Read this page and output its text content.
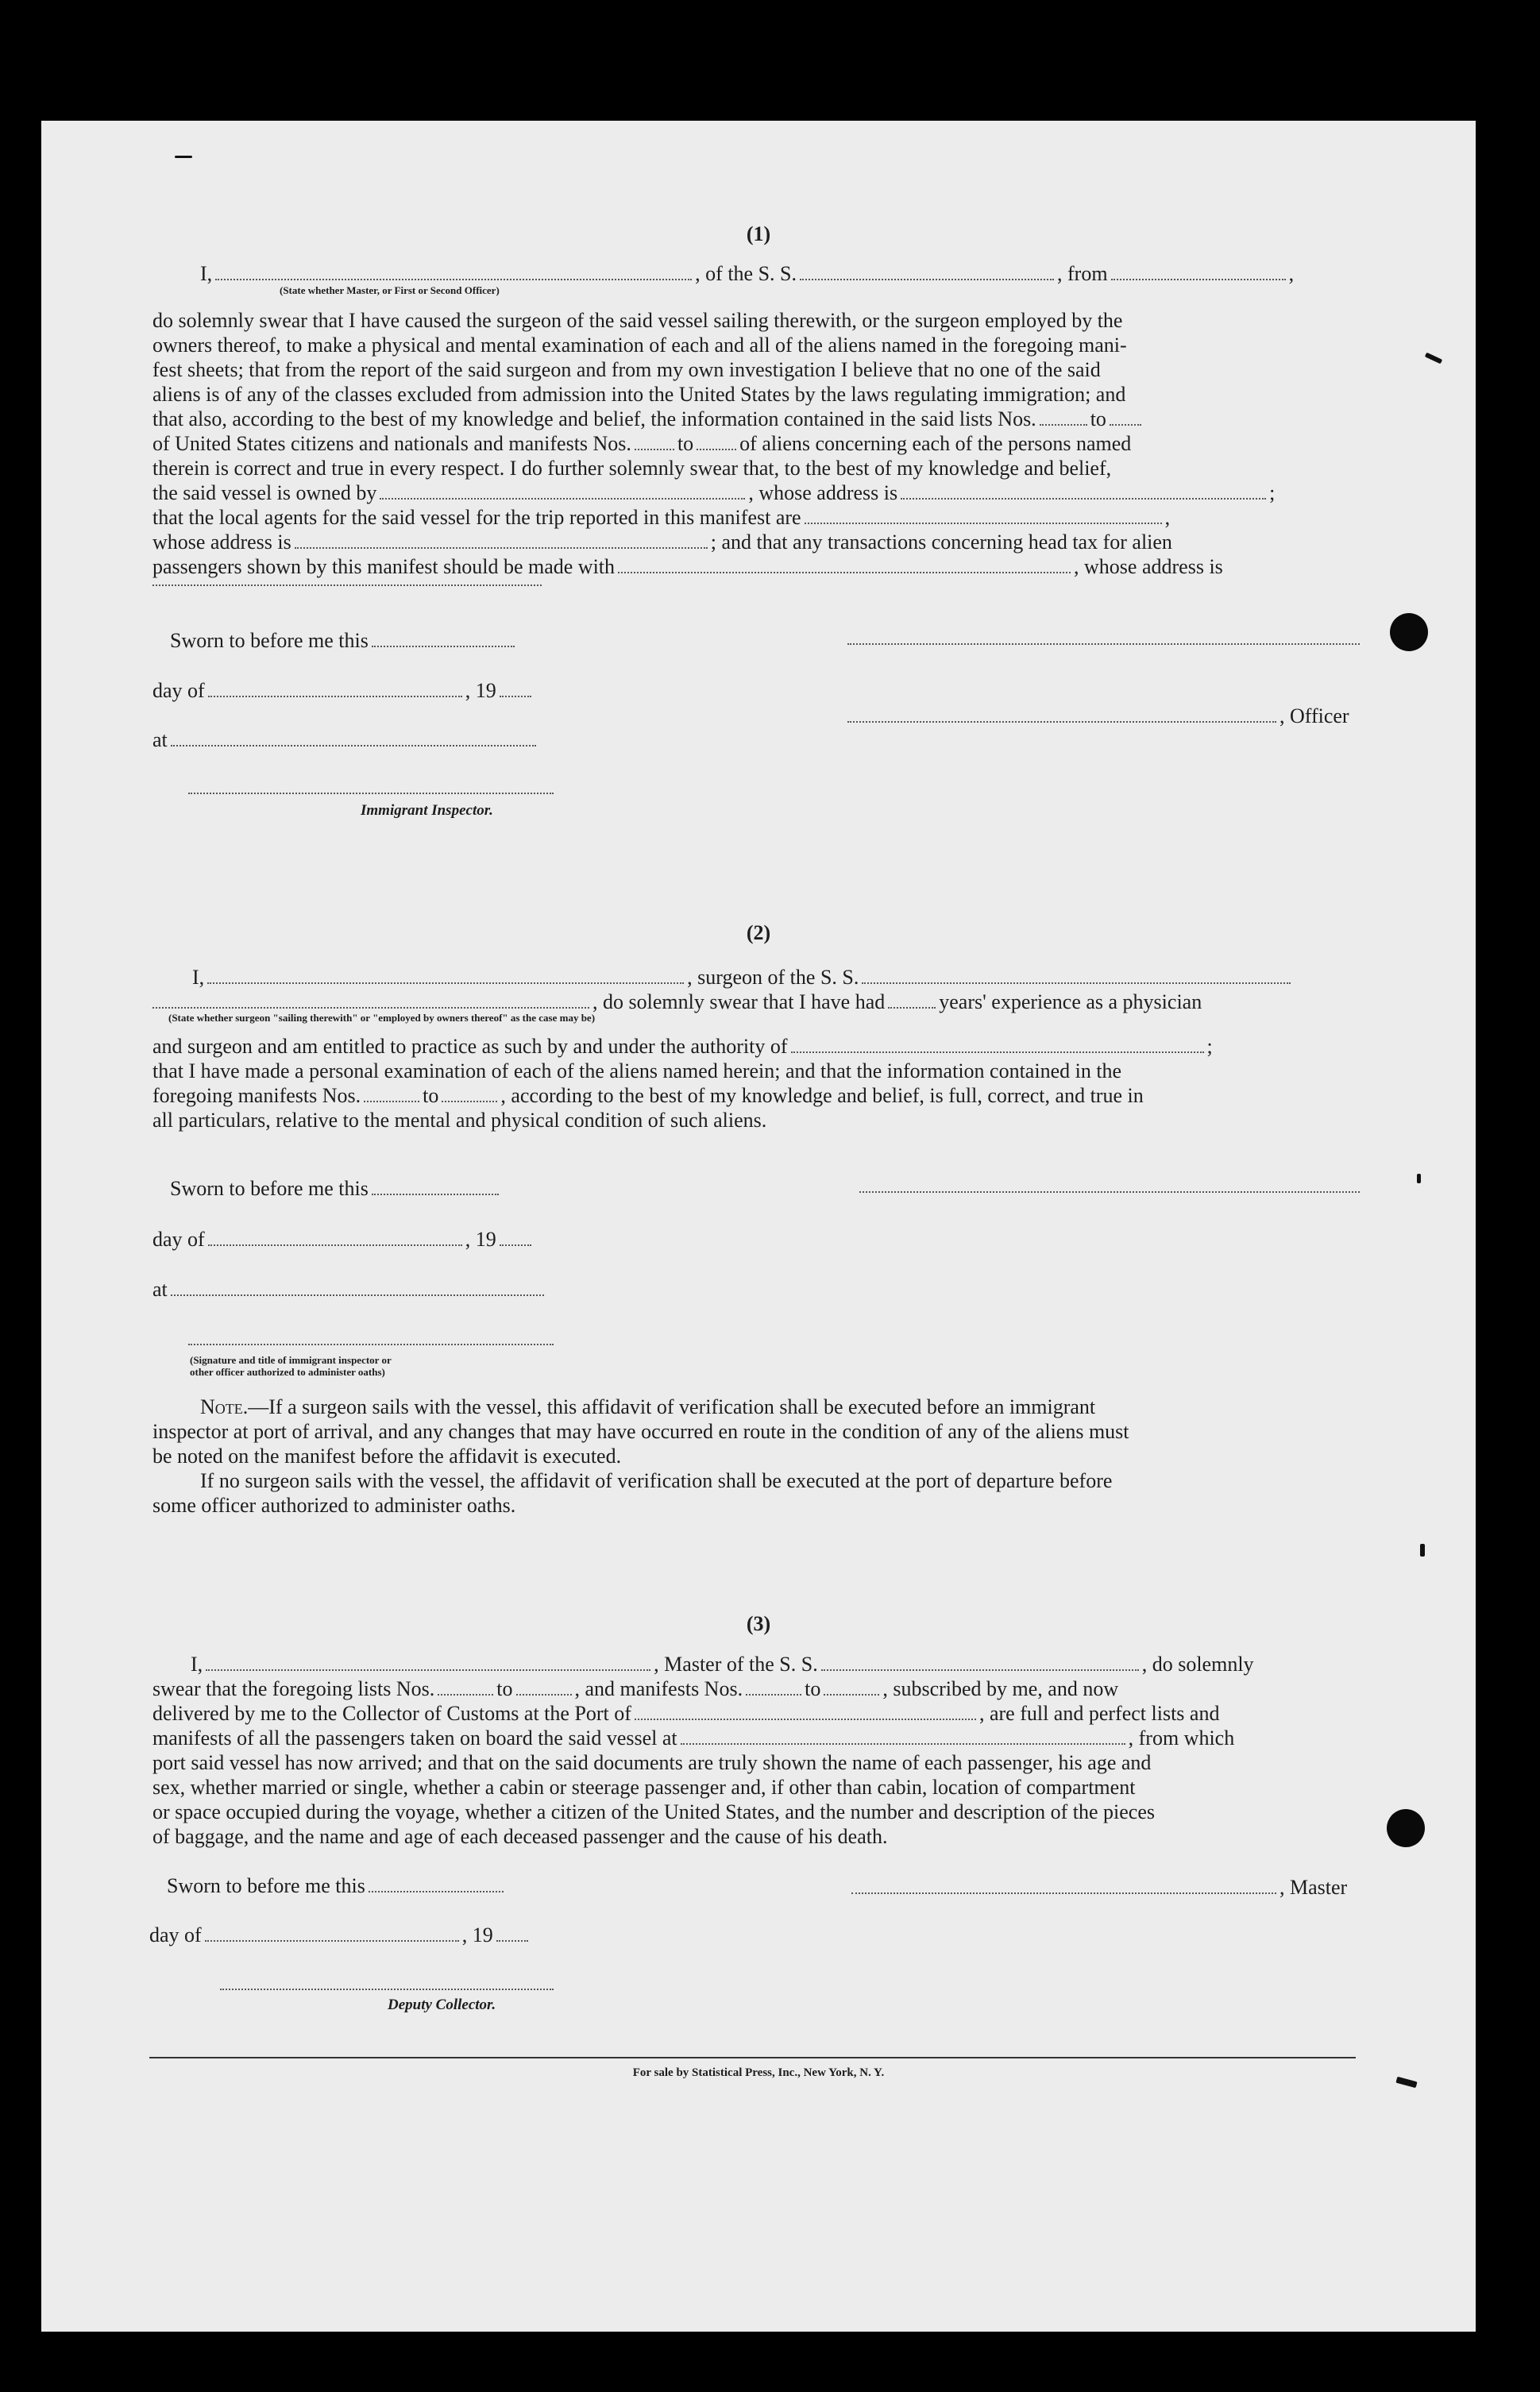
(1)
I,	, of the S. S.	, from	,
(State whether Master, or First or Second Officer)
do solemnly swear that I have caused the surgeon of the said vessel sailing therewith, or the surgeon employed by the
owners thereof, to make a physical and mental examination of each and all of the aliens named in the foregoing mani-
fest sheets; that from the report of the said surgeon and from my own investigation I believe that no one of the said
aliens is of any of the classes excluded from admission into the United States by the laws regulating immigration; and
that also, according to the best of my knowledge and belief, the information contained in the said lists Nos.	to
of United States citizens and nationals and manifests Nos. to of aliens concerning each of the persons named
therein is correct and true in every respect. I do further solemnly swear that, to the best of my knowledge and belief,
the said vessel is owned by	, whose address is	;
that the local agents for the said vessel for the trip reported in this manifest are	,
whose address is	; and that any transactions concerning head tax for alien
passengers shown by this manifest should be made with	, whose address is
Sworn to before me this
day of	, 19
, Officer
at
Immigrant Inspector.
(2)
I,	, surgeon of the S. S.
, do solemnly swear that I have had	years' experience as a physician
(State whether surgeon "sailing therewith" or "employed by owners thereof" as the case may be)
and surgeon and am entitled to practice as such by and under the authority of	;
that I have made a personal examination of each of the aliens named herein; and that the information contained in the
foregoing manifests Nos.	to	, according to the best of my knowledge and belief, is full, correct, and true in
all particulars, relative to the mental and physical condition of such aliens.
Sworn to before me this
day of	, 19
at
(Signature and title of immigrant inspector or
other officer authorized to administer oaths)
Note.—If a surgeon sails with the vessel, this affidavit of verification shall be executed before an immigrant
inspector at port of arrival, and any changes that may have occurred en route in the condition of any of the aliens must
be noted on the manifest before the affidavit is executed.
If no surgeon sails with the vessel, the affidavit of verification shall be executed at the port of departure before
some officer authorized to administer oaths.
(3)
I,	, Master of the S. S.	, do solemnly
swear that the foregoing lists Nos.	to	, and manifests Nos.	to	, subscribed by me, and now
delivered by me to the Collector of Customs at the Port of	, are full and perfect lists and
manifests of all the passengers taken on board the said vessel at	, from which
port said vessel has now arrived; and that on the said documents are truly shown the name of each passenger, his age and
sex, whether married or single, whether a cabin or steerage passenger and, if other than cabin, location of compartment
or space occupied during the voyage, whether a citizen of the United States, and the number and description of the pieces
of baggage, and the name and age of each deceased passenger and the cause of his death.
Sworn to before me this	, Master
day of	, 19
Deputy Collector.
For sale by Statistical Press, Inc., New York, N. Y.
